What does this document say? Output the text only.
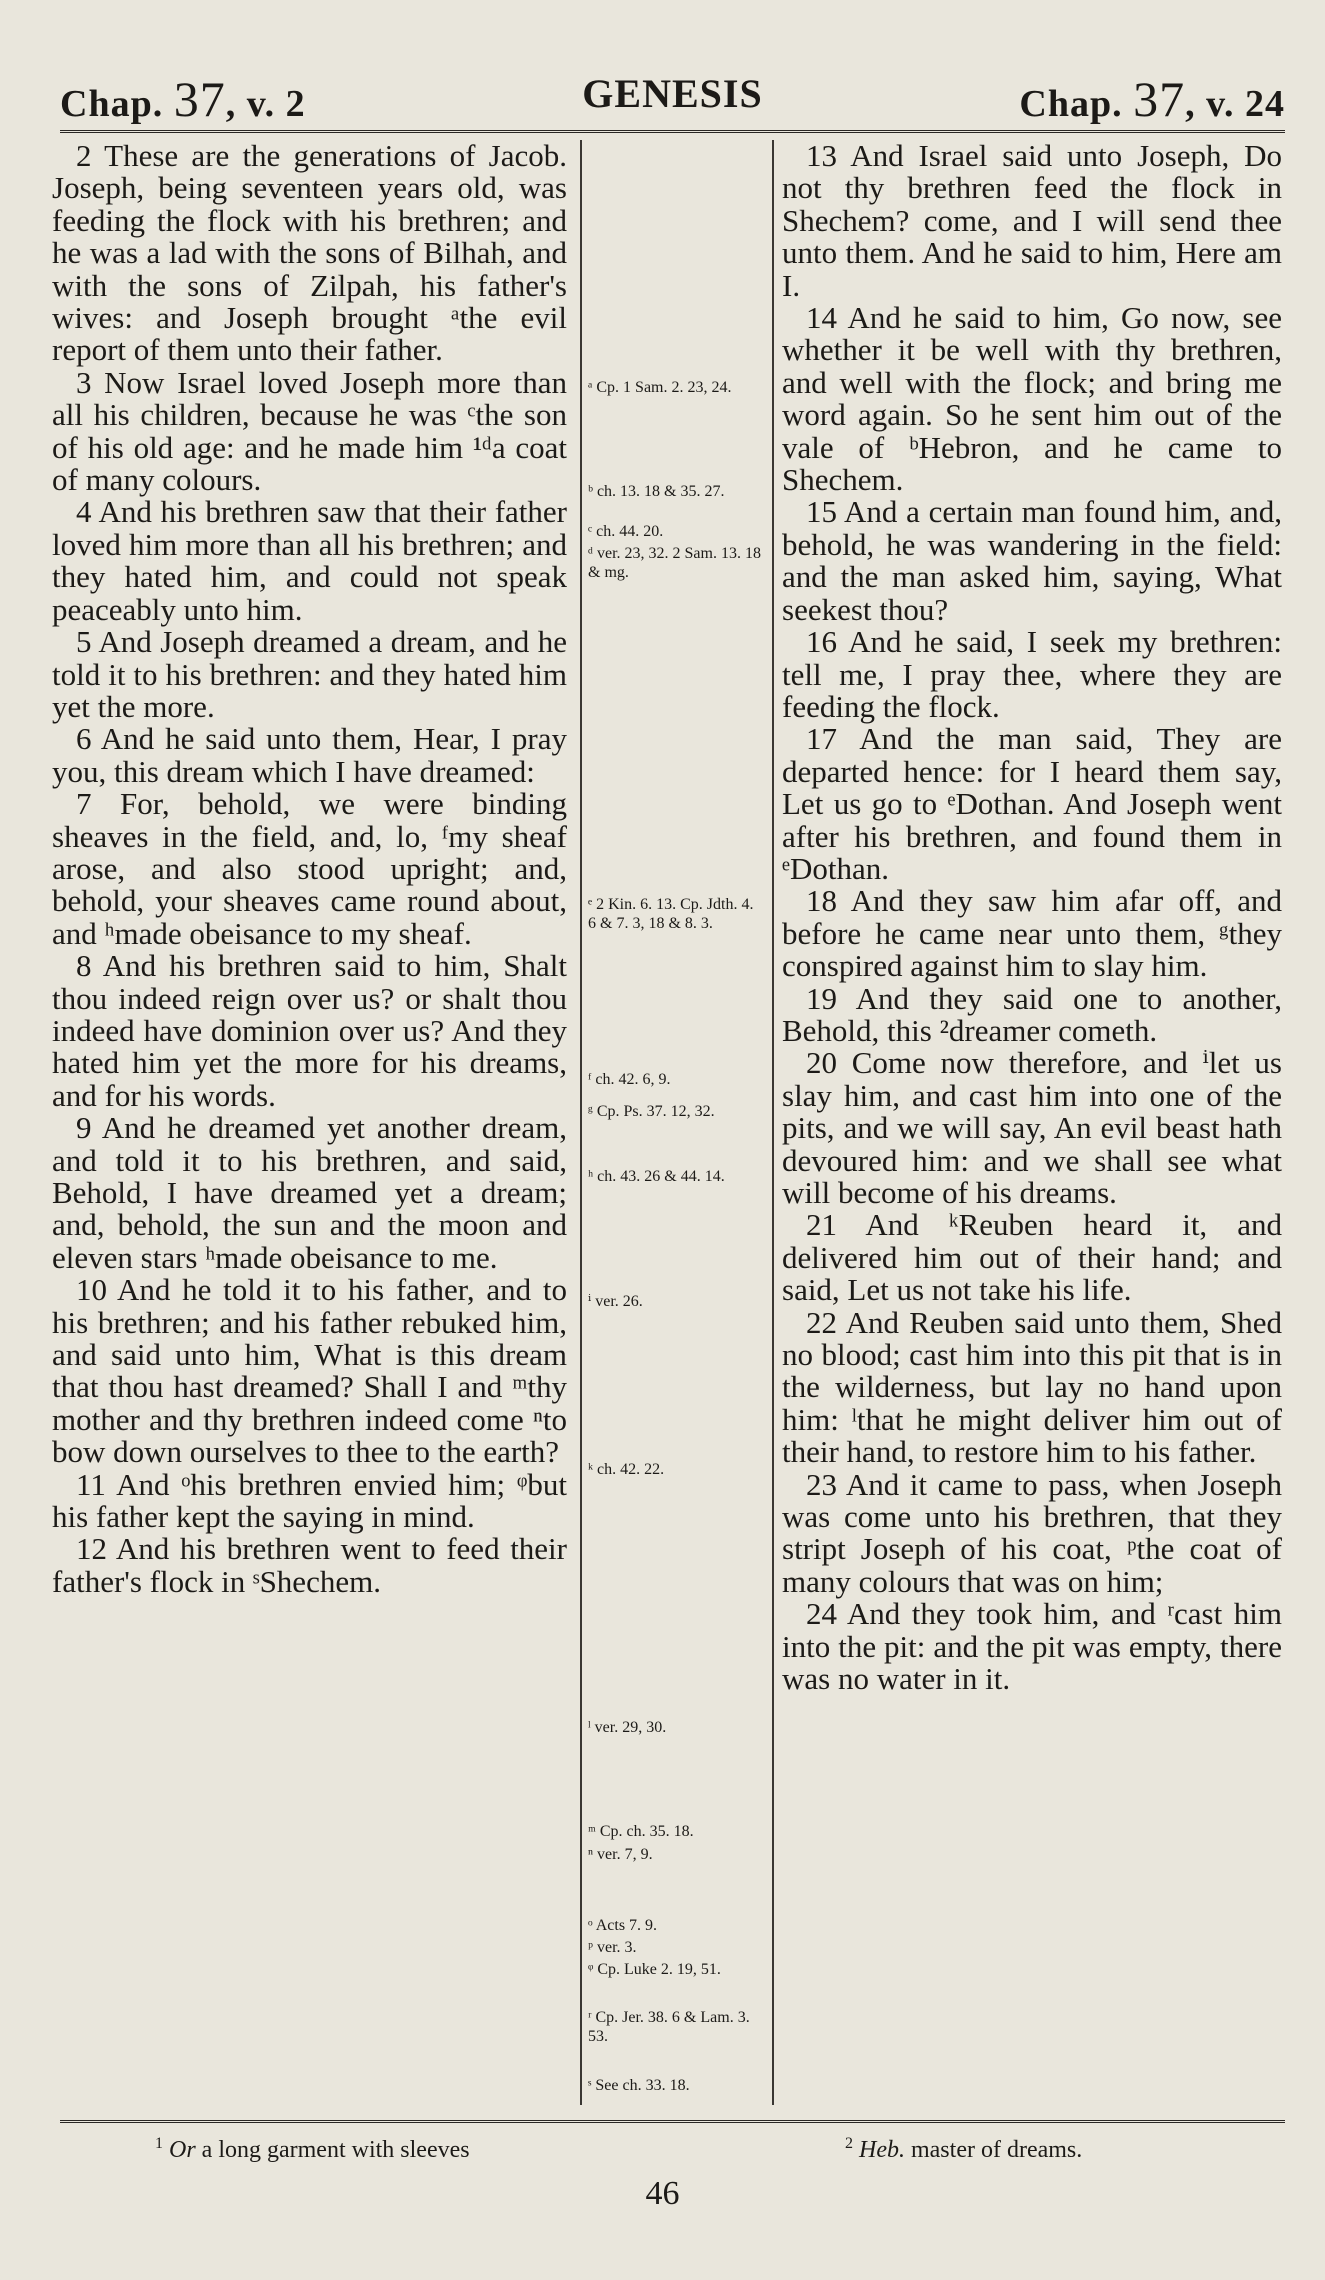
Chap. 37, v. 2	GENESIS	Chap. 37, v. 24

2 These are the generations of Jacob. Joseph, being seventeen years old, was feeding the flock with his brethren; and he was a lad with the sons of Bilhah, and with the sons of Zilpah, his father's wives: and Joseph brought ᵃthe evil report of them unto their father.

3 Now Israel loved Joseph more than all his children, because he was ᶜthe son of his old age: and he made him ¹ᵈa coat of many colours.

4 And his brethren saw that their father loved him more than all his brethren; and they hated him, and could not speak peaceably unto him.

5 And Joseph dreamed a dream, and he told it to his brethren: and they hated him yet the more.

6 And he said unto them, Hear, I pray you, this dream which I have dreamed:

7 For, behold, we were binding sheaves in the field, and, lo, ᶠmy sheaf arose, and also stood upright; and, behold, your sheaves came round about, and ʰmade obeisance to my sheaf.

8 And his brethren said to him, Shalt thou indeed reign over us? or shalt thou indeed have dominion over us? And they hated him yet the more for his dreams, and for his words.

9 And he dreamed yet another dream, and told it to his brethren, and said, Behold, I have dreamed yet a dream; and, behold, the sun and the moon and eleven stars ʰmade obeisance to me.

10 And he told it to his father, and to his brethren; and his father rebuked him, and said unto him, What is this dream that thou hast dreamed? Shall I and ᵐthy mother and thy brethren indeed come ⁿto bow down ourselves to thee to the earth?

11 And ᵒhis brethren envied him; ᵠbut his father kept the saying in mind.

12 And his brethren went to feed their father's flock in ˢShechem.

ᵃ Cp. 1 Sam. 2. 23, 24.
ᵇ ch. 13. 18 & 35. 27.
ᶜ ch. 44. 20.
ᵈ ver. 23, 32. 2 Sam. 13. 18 & mg.
ᵉ 2 Kin. 6. 13. Cp. Jdth. 4. 6 & 7. 3, 18 & 8. 3.
ᶠ ch. 42. 6, 9.
ᵍ Cp. Ps. 37. 12, 32.
ʰ ch. 43. 26 & 44. 14.
ⁱ ver. 26.
ᵏ ch. 42. 22.
ˡ ver. 29, 30.
ᵐ Cp. ch. 35. 18.
ⁿ ver. 7, 9.
ᵒ Acts 7. 9.
ᵖ ver. 3.
ᵠ Cp. Luke 2. 19, 51.
ʳ Cp. Jer. 38. 6 & Lam. 3. 53.
ˢ See ch. 33. 18.

13 And Israel said unto Joseph, Do not thy brethren feed the flock in Shechem? come, and I will send thee unto them. And he said to him, Here am I.

14 And he said to him, Go now, see whether it be well with thy brethren, and well with the flock; and bring me word again. So he sent him out of the vale of ᵇHebron, and he came to Shechem.

15 And a certain man found him, and, behold, he was wandering in the field: and the man asked him, saying, What seekest thou?

16 And he said, I seek my brethren: tell me, I pray thee, where they are feeding the flock.

17 And the man said, They are departed hence: for I heard them say, Let us go to ᵉDothan. And Joseph went after his brethren, and found them in ᵉDothan.

18 And they saw him afar off, and before he came near unto them, ᵍthey conspired against him to slay him.

19 And they said one to another, Behold, this ²dreamer cometh.

20 Come now therefore, and ⁱlet us slay him, and cast him into one of the pits, and we will say, An evil beast hath devoured him: and we shall see what will become of his dreams.

21 And ᵏReuben heard it, and delivered him out of their hand; and said, Let us not take his life.

22 And Reuben said unto them, Shed no blood; cast him into this pit that is in the wilderness, but lay no hand upon him: ˡthat he might deliver him out of their hand, to restore him to his father.

23 And it came to pass, when Joseph was come unto his brethren, that they stript Joseph of his coat, ᵖthe coat of many colours that was on him;

24 And they took him, and ʳcast him into the pit: and the pit was empty, there was no water in it.

$^1$ Or a long garment with sleeves	$^2$ Heb. master of dreams.
46
